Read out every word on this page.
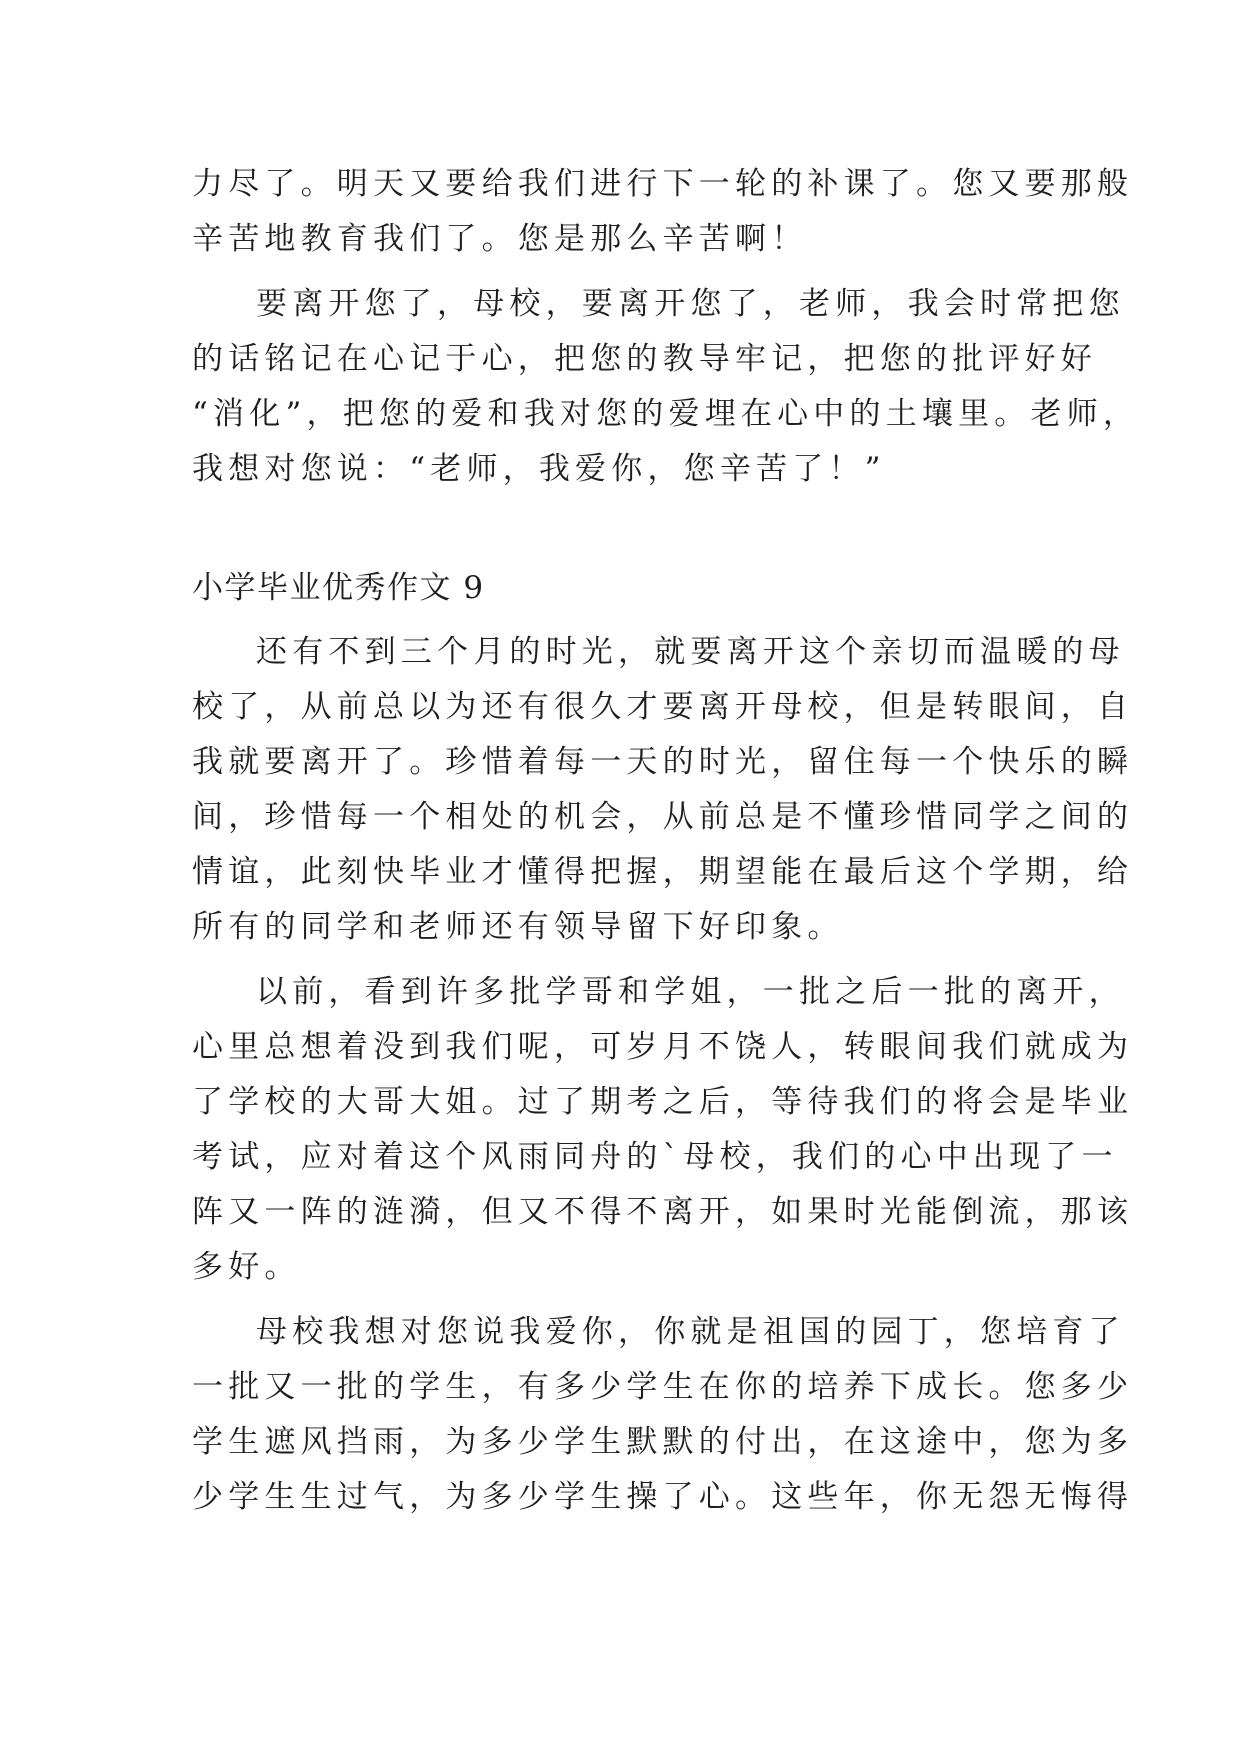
力尽了。明天又要给我们进行下一轮的补课了。您又要那般
辛苦地教育我们了。您是那么辛苦啊！
要离开您了，母校，要离开您了，老师，我会时常把您
的话铭记在心记于心，把您的教导牢记，把您的批评好好
“消化”，把您的爱和我对您的爱埋在心中的土壤里。老师，
我想对您说：“老师，我爱你，您辛苦了！”
小学毕业优秀作文 9
还有不到三个月的时光，就要离开这个亲切而温暖的母
校了，从前总以为还有很久才要离开母校，但是转眼间，自
我就要离开了。珍惜着每一天的时光，留住每一个快乐的瞬
间，珍惜每一个相处的机会，从前总是不懂珍惜同学之间的
情谊，此刻快毕业才懂得把握，期望能在最后这个学期，给
所有的同学和老师还有领导留下好印象。
以前，看到许多批学哥和学姐，一批之后一批的离开，
心里总想着没到我们呢，可岁月不饶人，转眼间我们就成为
了学校的大哥大姐。过了期考之后，等待我们的将会是毕业
考试，应对着这个风雨同舟的`母校，我们的心中出现了一
阵又一阵的涟漪，但又不得不离开，如果时光能倒流，那该
多好。
母校我想对您说我爱你，你就是祖国的园丁，您培育了
一批又一批的学生，有多少学生在你的培养下成长。您多少
学生遮风挡雨，为多少学生默默的付出，在这途中，您为多
少学生生过气，为多少学生操了心。这些年，你无怨无悔得
